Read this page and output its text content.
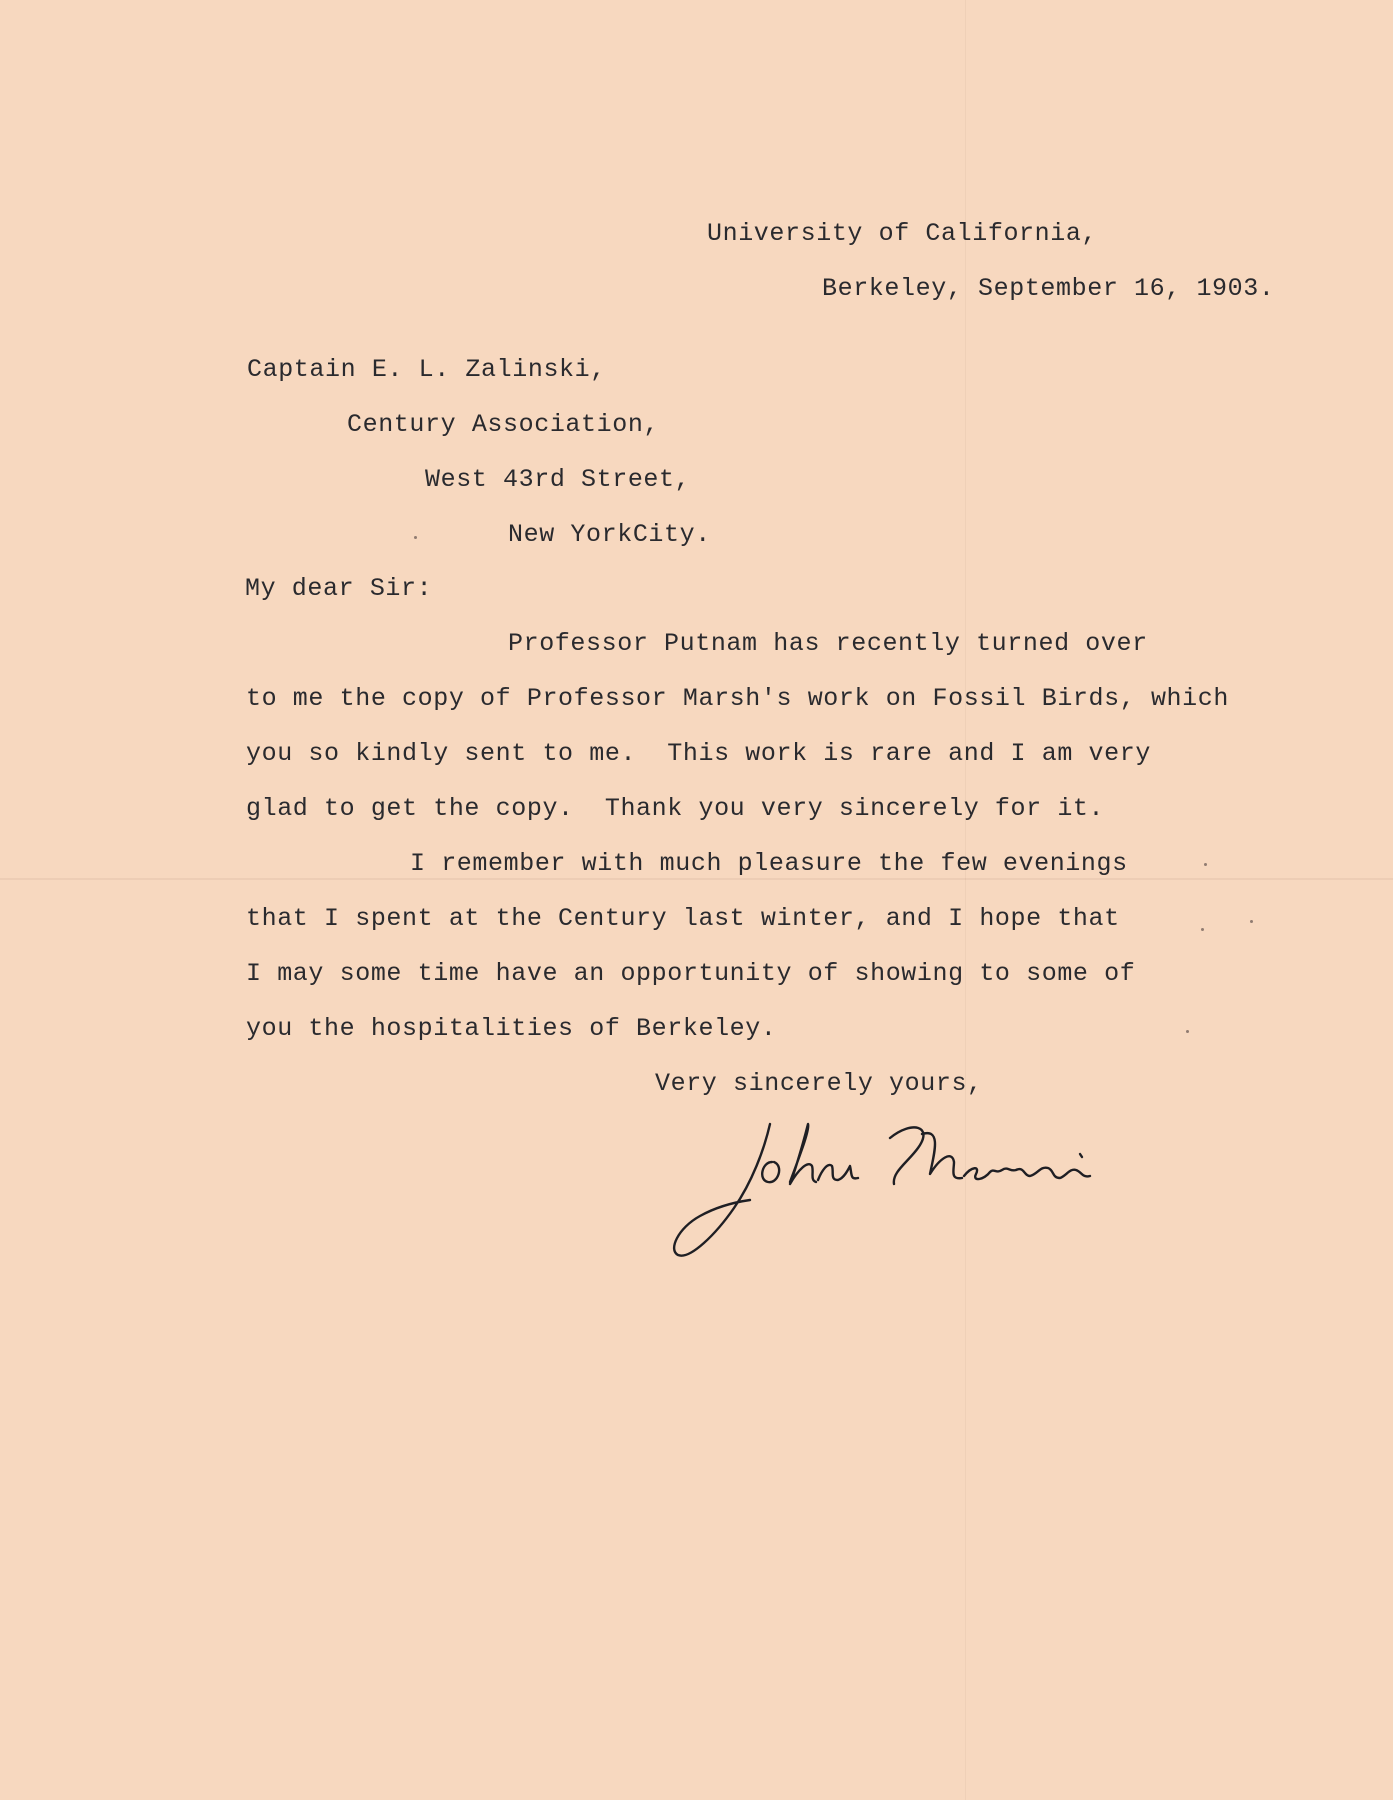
University of California,
Berkeley, September 16, 1903.
Captain E. L. Zalinski,
Century Association,
West 43rd Street,
New YorkCity.
My dear Sir:
Professor Putnam has recently turned over
to me the copy of Professor Marsh's work on Fossil Birds, which
you so kindly sent to me.  This work is rare and I am very
glad to get the copy.  Thank you very sincerely for it.
I remember with much pleasure the few evenings
that I spent at the Century last winter, and I hope that
I may some time have an opportunity of showing to some of
you the hospitalities of Berkeley.
Very sincerely yours,
